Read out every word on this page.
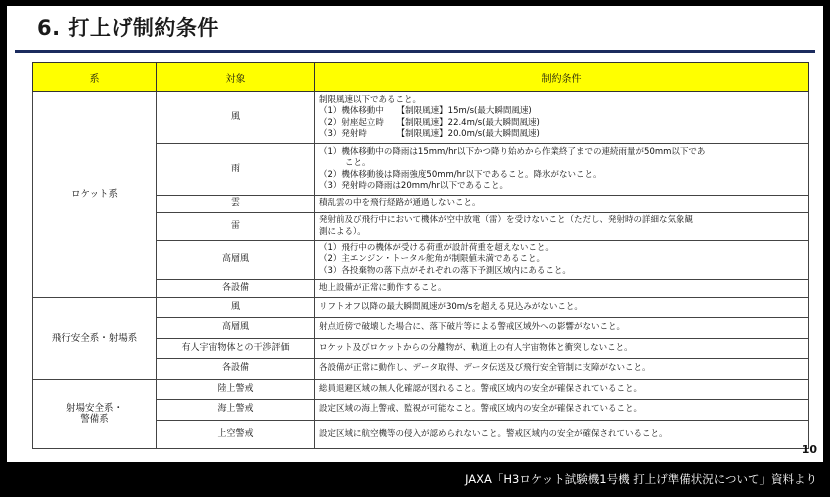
6. 打上げ制約条件
系	対象	制約条件
ロケット系	風	制限風速以下であること。
（1）機体移動中　　【制限風速】15m/s(最大瞬間風速)
（2）射座起立時　　【制限風速】22.4m/s(最大瞬間風速)
（3）発射時　　　　【制限風速】20.0m/s(最大瞬間風速)

	雨	（1）機体移動中の降雨は15mm/hr以下かつ降り始めから作業終了までの連続雨量が50mm以下であ
こと。
（2）機体移動後は降雨強度50mm/hr以下であること。降氷がないこと。
（3）発射時の降雨は20mm/hr以下であること。

	雲	積乱雲の中を飛行経路が通過しないこと。

	雷	発射前及び飛行中において機体が空中放電（雷）を受けないこと（ただし、発射時の詳細な気象観
測による）。

	高層風	（1）飛行中の機体が受ける荷重が設計荷重を超えないこと。
（2）主エンジン・トータル舵角が制限値未満であること。
（3）各投棄物の落下点がそれぞれの落下予測区域内にあること。

	各設備	地上設備が正常に動作すること。

飛行安全系・射場系	風	リフトオフ以降の最大瞬間風速が30m/sを超える見込みがないこと。

	高層風	射点近傍で破壊した場合に、落下破片等による警戒区域外への影響がないこと。

	有人宇宙物体との干渉評価	ロケット及びロケットからの分離物が、軌道上の有人宇宙物体と衝突しないこと。

	各設備	各設備が正常に動作し、データ取得、データ伝送及び飛行安全管制に支障がないこと。

射場安全系・
警備系	陸上警戒	総員退避区域の無人化確認が図れること。警戒区域内の安全が確保されていること。

	海上警戒	設定区域の海上警戒、監視が可能なこと。警戒区域内の安全が確保されていること。

	上空警戒	設定区域に航空機等の侵入が認められないこと。警戒区域内の安全が確保されていること。
10
JAXA「H3ロケット試験機1号機 打上げ準備状況について」資料より
